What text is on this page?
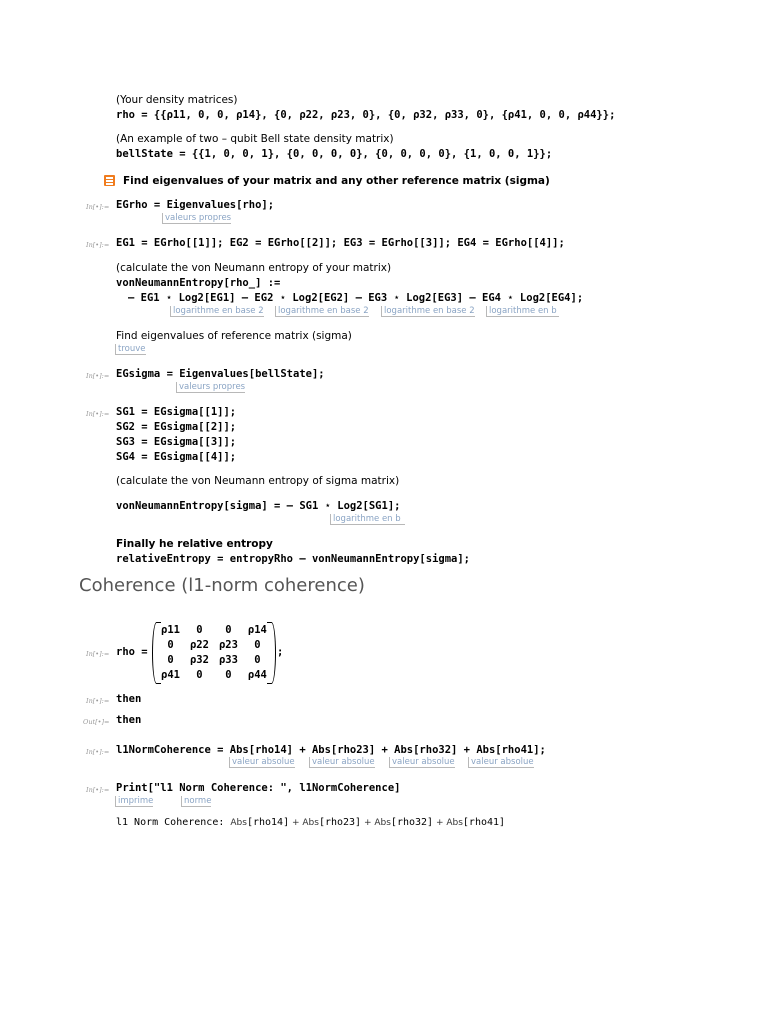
(Your density matrices)
rho = {{ρ11, 0, 0, ρ14}, {0, ρ22, ρ23, 0}, {0, ρ32, ρ33, 0}, {ρ41, 0, 0, ρ44}};
(An example of two – qubit Bell state density matrix)
bellState = {{1, 0, 0, 1}, {0, 0, 0, 0}, {0, 0, 0, 0}, {1, 0, 0, 1}};
Find eigenvalues of your matrix and any other reference matrix (sigma)
In[•]:= EGrho = Eigenvalues[rho];
valeurs propres
In[•]:= EG1 = EGrho[[1]]; EG2 = EGrho[[2]]; EG3 = EGrho[[3]]; EG4 = EGrho[[4]];
(calculate the von Neumann entropy of your matrix)
vonNeumannEntropy[rho_] :=
– EG1 ⋆ Log2[EG1] – EG2 ⋆ Log2[EG2] – EG3 ⋆ Log2[EG3] – EG4 ⋆ Log2[EG4];
logarithme en base 2	logarithme en base 2	logarithme en base 2	logarithme en b
Find eigenvalues of reference matrix (sigma)
trouve
In[•]:= EGsigma = Eigenvalues[bellState];
valeurs propres
In[•]:= SG1 = EGsigma[[1]];
SG2 = EGsigma[[2]];
SG3 = EGsigma[[3]];
SG4 = EGsigma[[4]];
(calculate the von Neumann entropy of sigma matrix)
vonNeumannEntropy[sigma] = – SG1 ⋆ Log2[SG1];
logarithme en b
Finally he relative entropy
relativeEntropy = entropyRho – vonNeumannEntropy[sigma];
Coherence (l1-norm coherence)
In[•]:= rho =

ρ11	0	0	ρ14
0	ρ22	ρ23	0
0	ρ32	ρ33	0
ρ41	0	0	ρ44

;
In[•]:= then
Out[•]= then
In[•]:= l1NormCoherence = Abs[rho14] + Abs[rho23] + Abs[rho32] + Abs[rho41];
valeur absolue	valeur absolue	valeur absolue	valeur absolue
In[•]:= Print["l1 Norm Coherence: ", l1NormCoherence]
imprime	norme
l1 Norm Coherence: Abs[rho14] + Abs[rho23] + Abs[rho32] + Abs[rho41]
